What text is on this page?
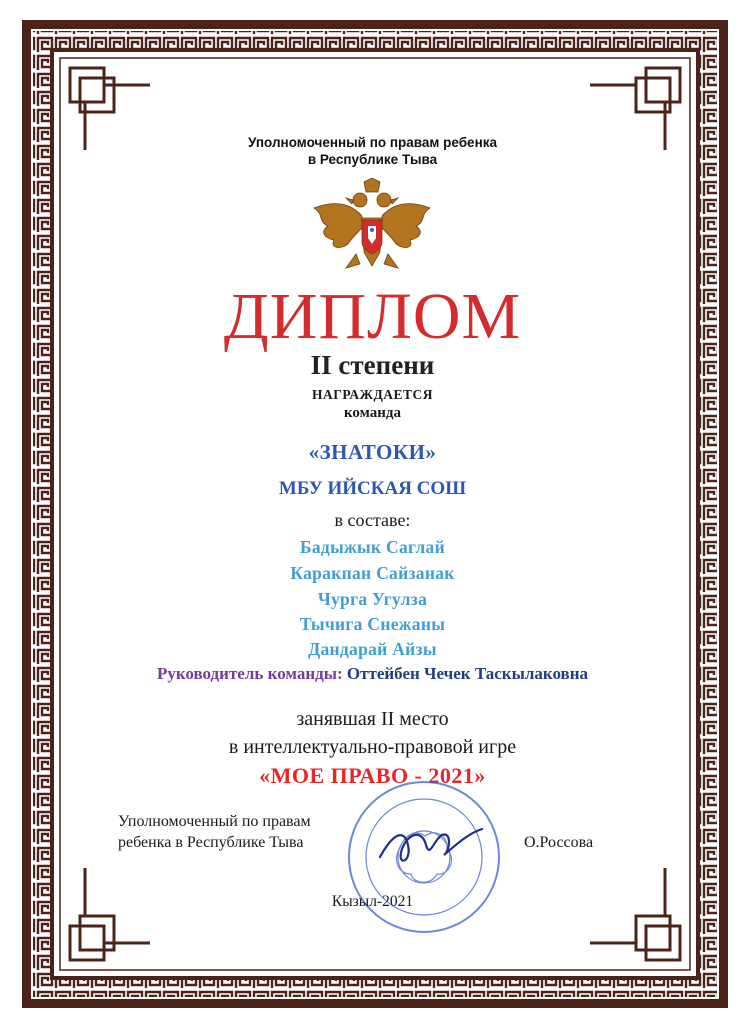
Уполномоченный по правам ребенка
в Республике Тыва
ДИПЛОМ
II степени
НАГРАЖДАЕТСЯ
команда
«ЗНАТОКИ»
МБУ ИЙСКАЯ СОШ
в составе:
Бадыжык Саглай
Каракпан Сайзанак
Чурга Угулза
Тычига Снежаны
Дандарай Айзы
Руководитель команды: Оттейбен Чечек Таскылаковна
занявшая II место
в интеллектуально-правовой игре
«МОЕ ПРАВО - 2021»
Уполномоченный по правам
ребенка в Республике Тыва	О.Россова
Кызыл-2021
